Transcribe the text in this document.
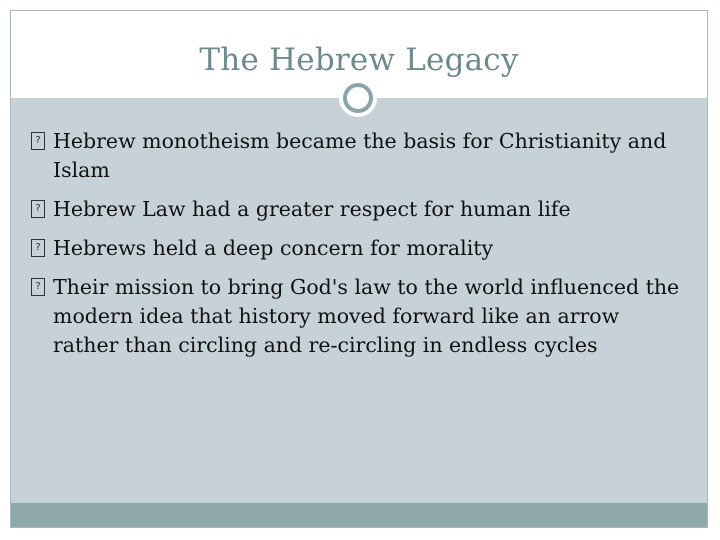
The Hebrew Legacy
? Hebrew monotheism became the basis for Christianity and Islam
? Hebrew Law had a greater respect for human life
? Hebrews held a deep concern for morality
? Their mission to bring God's law to the world influenced the modern idea that history moved forward like an arrow rather than circling and re-circling in endless cycles
